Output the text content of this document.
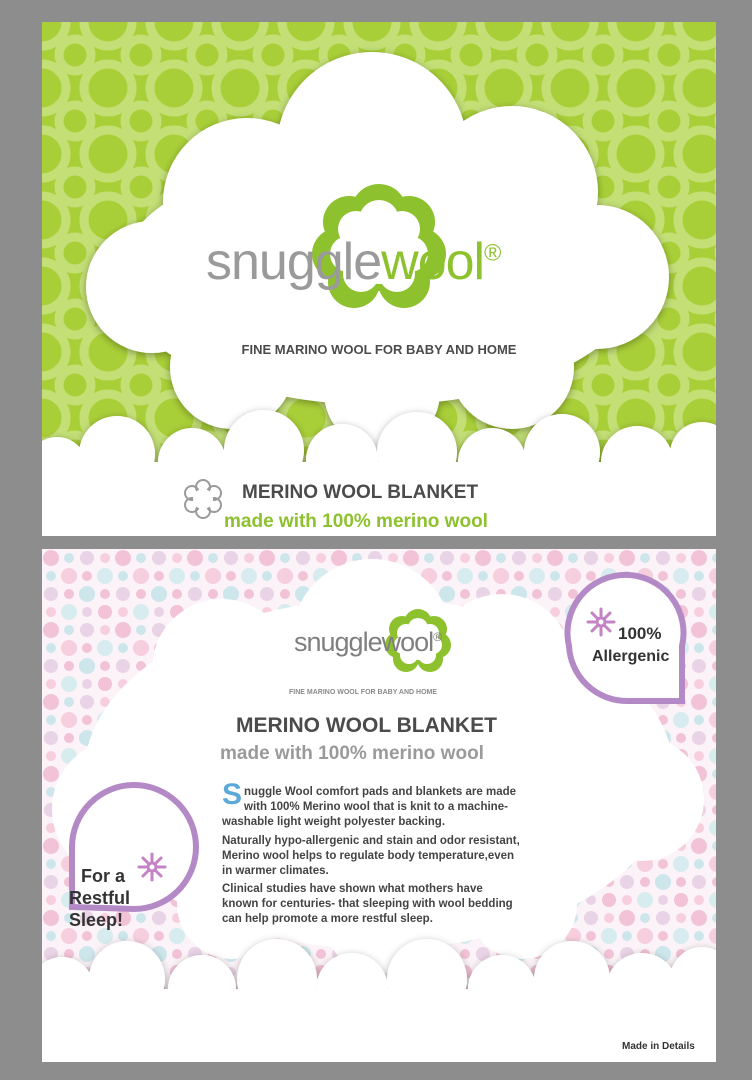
snugglewool®
FINE MARINO WOOL FOR BABY AND HOME
MERINO WOOL BLANKET
made with 100% merino wool
snugglewool®
FINE MARINO WOOL FOR BABY AND HOME
MERINO WOOL BLANKET
made with 100% merino wool

Snuggle Wool comfort pads and blankets are made with 100% Merino wool that is knit to a machine-washable light weight polyester backing.

Naturally hypo-allergenic and stain and odor resistant, Merino wool helps to regulate body temperature,even in warmer climates.

Clinical studies have shown what mothers have known for centuries- that sleeping with wool bedding can help promote a more restful sleep.

100%
Allergenic
For a
Restful
Sleep!
Made in Details
